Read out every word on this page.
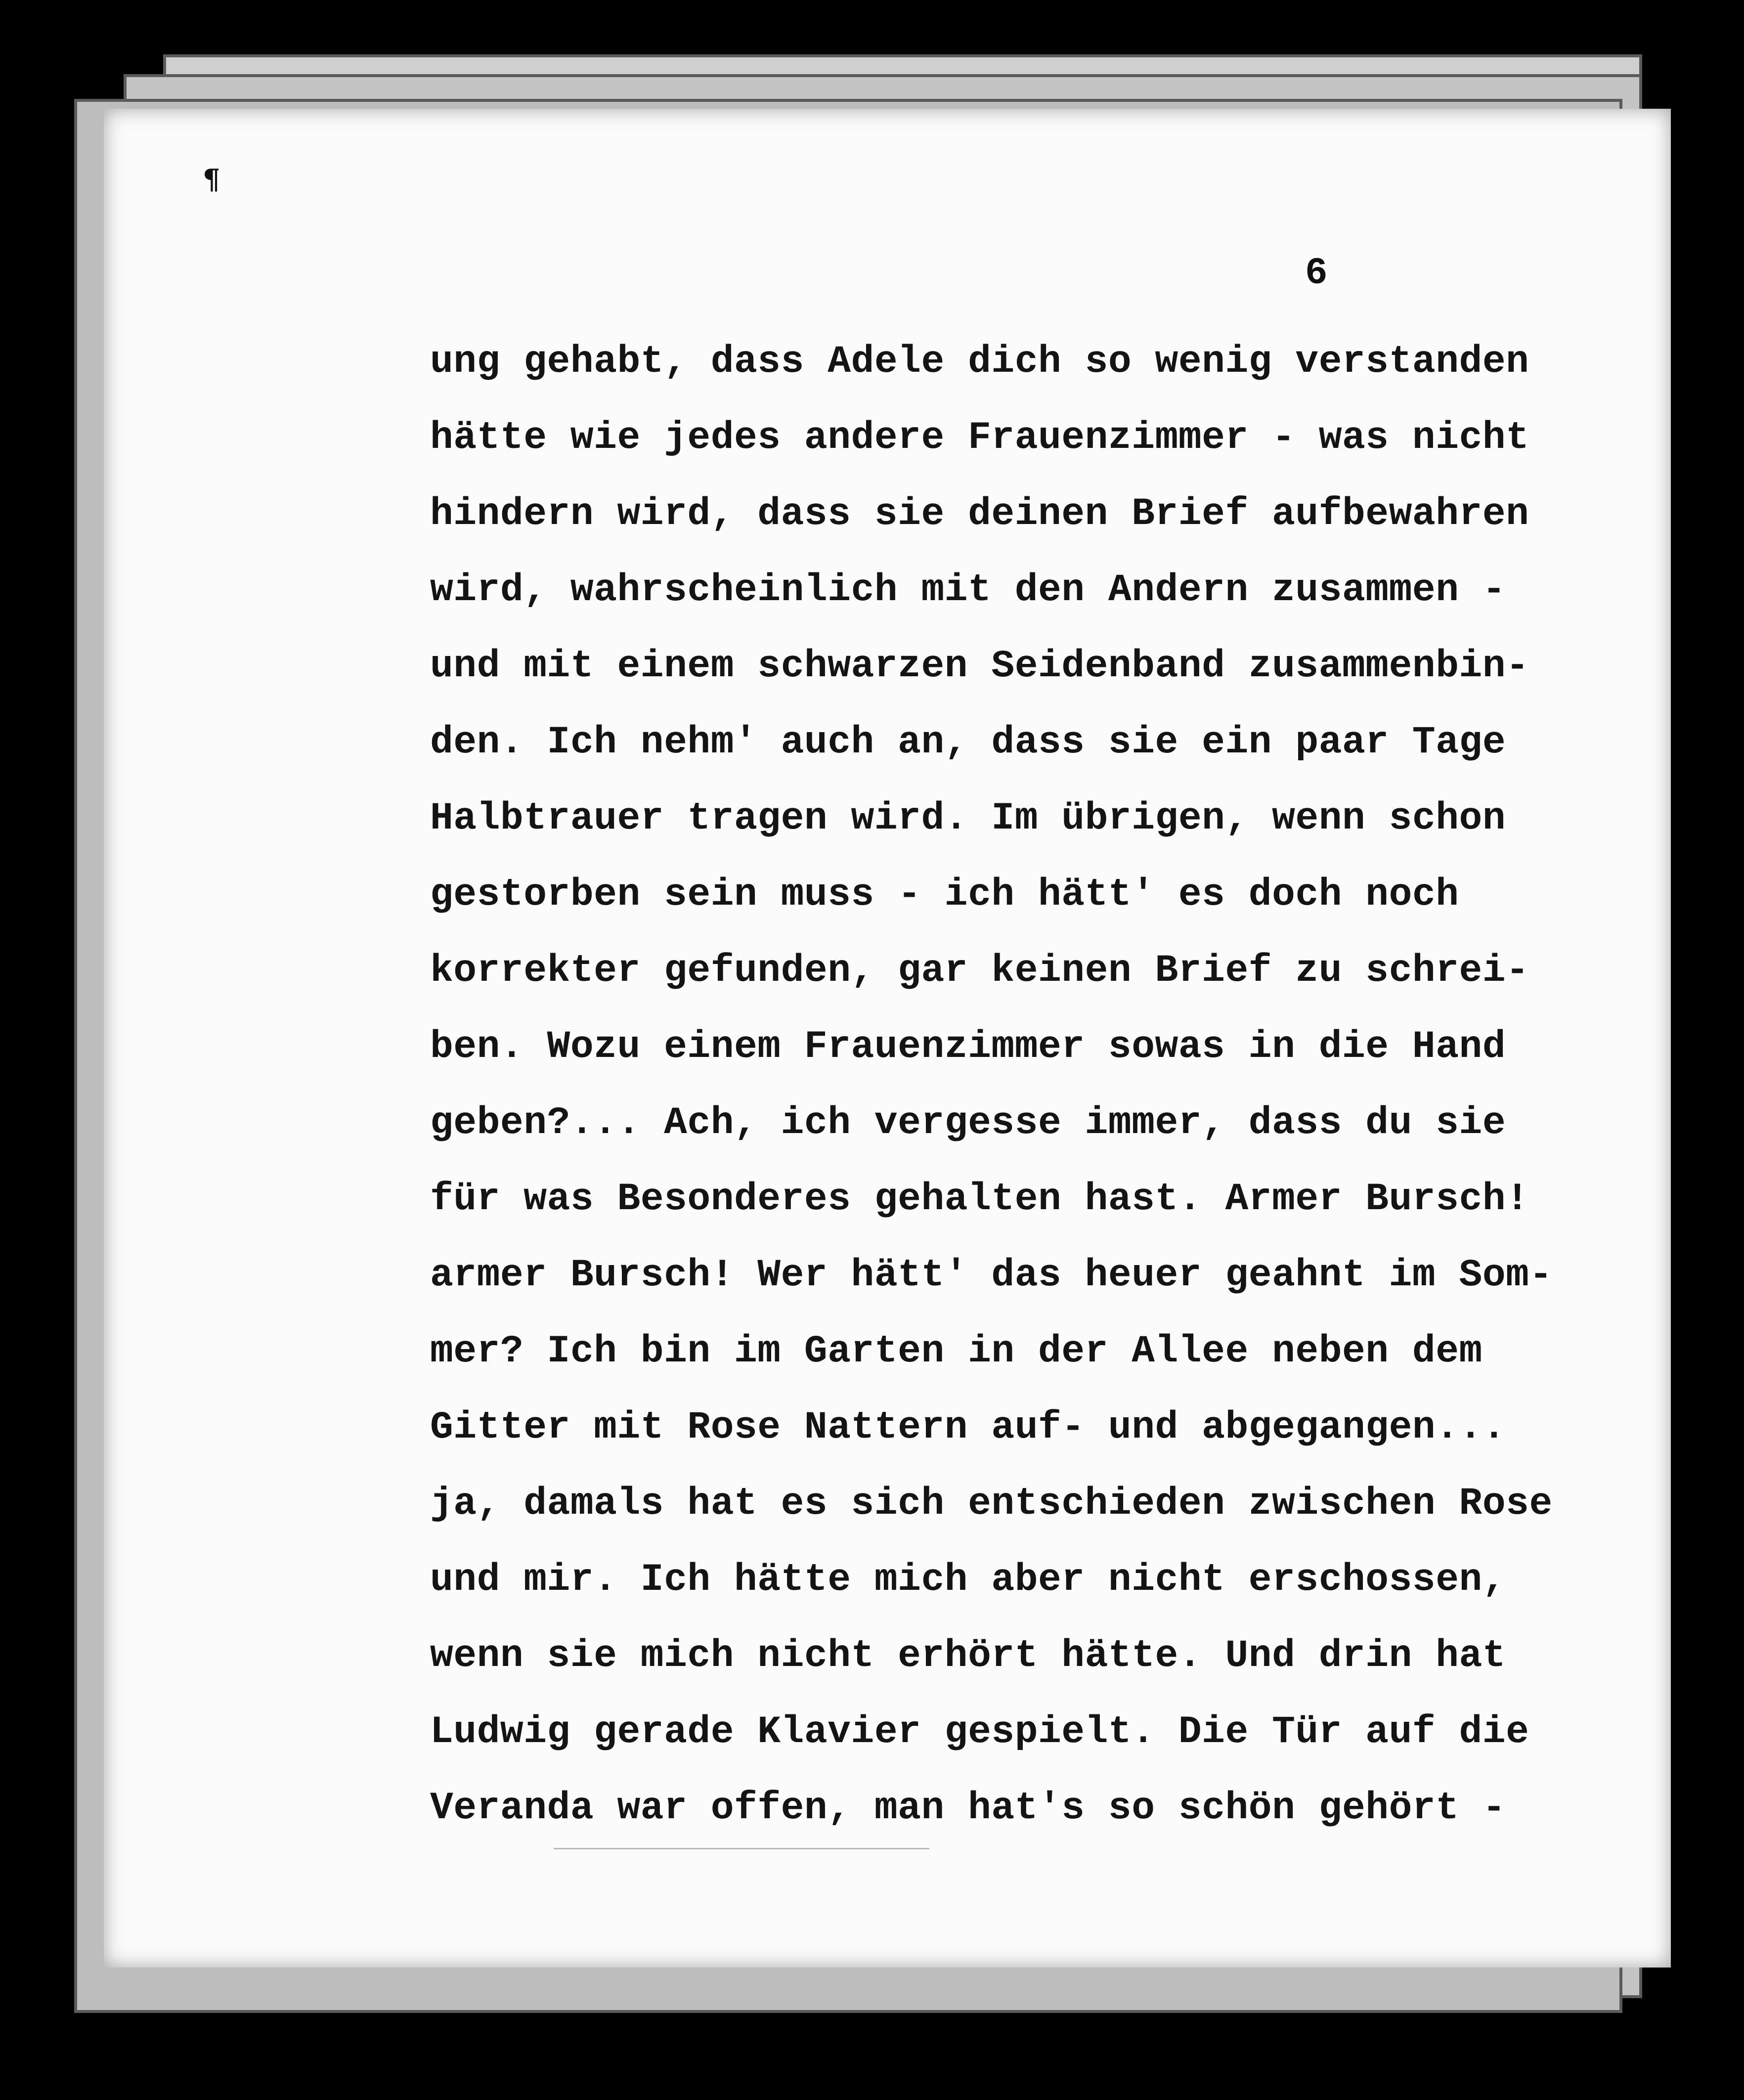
¶
6
ung gehabt, dass Adele dich so wenig verstanden
hätte wie jedes andere Frauenzimmer - was nicht
hindern wird, dass sie deinen Brief aufbewahren
wird, wahrscheinlich mit den Andern zusammen -
und mit einem schwarzen Seidenband zusammenbin-
den. Ich nehm' auch an, dass sie ein paar Tage
Halbtrauer tragen wird. Im übrigen, wenn schon
gestorben sein muss - ich hätt' es doch noch
korrekter gefunden, gar keinen Brief zu schrei-
ben. Wozu einem Frauenzimmer sowas in die Hand
geben?... Ach, ich vergesse immer, dass du sie
für was Besonderes gehalten hast. Armer Bursch!
armer Bursch! Wer hätt' das heuer geahnt im Som-
mer? Ich bin im Garten in der Allee neben dem
Gitter mit Rose Nattern auf- und abgegangen...
ja, damals hat es sich entschieden zwischen Rose
und mir. Ich hätte mich aber nicht erschossen,
wenn sie mich nicht erhört hätte. Und drin hat
Ludwig gerade Klavier gespielt. Die Tür auf die
Veranda war offen, man hat's so schön gehört -
